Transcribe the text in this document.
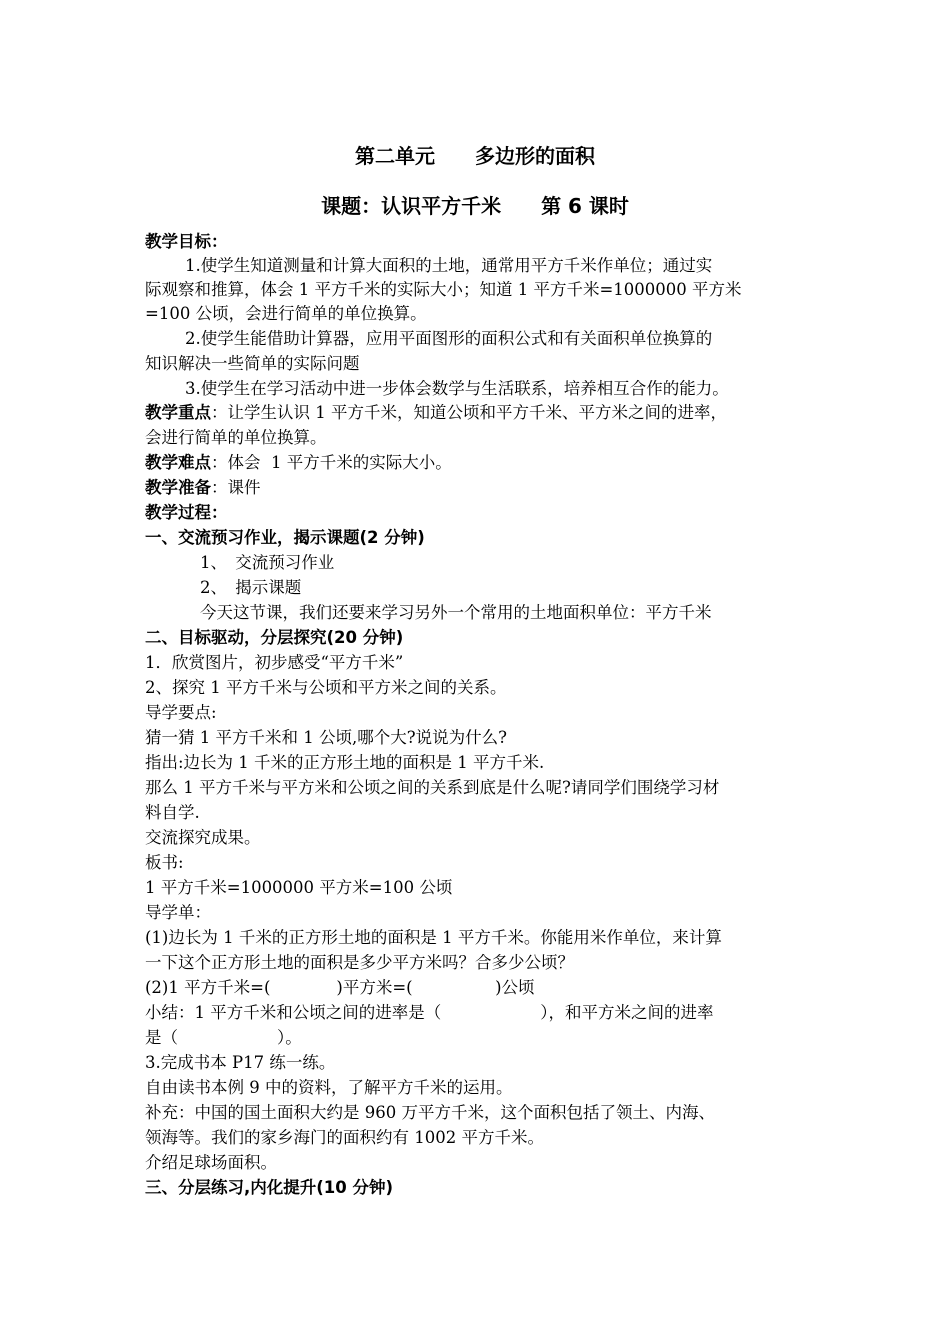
第二单元　　多边形的面积
课题：认识平方千米　　第 6 课时
教学目标：
1.使学生知道测量和计算大面积的土地，通常用平方千米作单位；通过实
际观察和推算，体会 1 平方千米的实际大小；知道 1 平方千米=1000000 平方米
=100 公顷，会进行简单的单位换算。
2.使学生能借助计算器，应用平面图形的面积公式和有关面积单位换算的
知识解决一些简单的实际问题
3.使学生在学习活动中进一步体会数学与生活联系，培养相互合作的能力。
教学重点：让学生认识 1 平方千米，知道公顷和平方千米、平方米之间的进率，
会进行简单的单位换算。
教学难点：体会  1 平方千米的实际大小。
教学准备：课件
教学过程：
一、交流预习作业，揭示课题(2 分钟)
1、　交流预习作业
2、　揭示课题
今天这节课，我们还要来学习另外一个常用的土地面积单位：平方千米
二、目标驱动，分层探究(20 分钟)
1．欣赏图片，初步感受“平方千米”
2、探究 1 平方千米与公顷和平方米之间的关系。
导学要点:
猜一猜 1 平方千米和 1 公顷,哪个大?说说为什么?
指出:边长为 1 千米的正方形土地的面积是 1 平方千米.
那么 1 平方千米与平方米和公顷之间的关系到底是什么呢?请同学们围绕学习材
料自学.
交流探究成果。
板书:
1 平方千米=1000000 平方米=100 公顷
导学单：
(1)边长为 1 千米的正方形土地的面积是 1 平方千米。你能用米作单位，来计算
一下这个正方形土地的面积是多少平方米吗？合多少公顷？
(2)1 平方千米=(　　　　)平方米=(　　　　　)公顷
小结：1 平方千米和公顷之间的进率是（　　　　　　），和平方米之间的进率
是（　　　　　　）。
3.完成书本 P17 练一练。
自由读书本例 9 中的资料，了解平方千米的运用。
补充：中国的国土面积大约是 960 万平方千米，这个面积包括了领土、内海、
领海等。我们的家乡海门的面积约有 1002 平方千米。
介绍足球场面积。
三、分层练习,内化提升(10 分钟)
